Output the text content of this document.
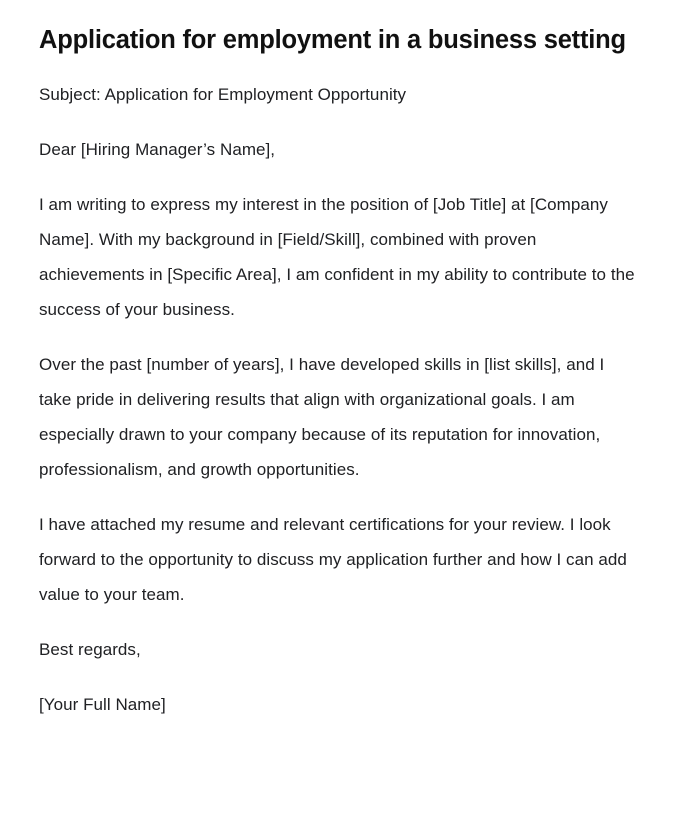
Application for employment in a business setting

Subject: Application for Employment Opportunity

Dear [Hiring Manager’s Name],

I am writing to express my interest in the position of [Job Title] at [Company Name]. With my background in [Field/Skill], combined with proven achievements in [Specific Area], I am confident in my ability to contribute to the success of your business.

Over the past [number of years], I have developed skills in [list skills], and I take pride in delivering results that align with organizational goals. I am especially drawn to your company because of its reputation for innovation, professionalism, and growth opportunities.

I have attached my resume and relevant certifications for your review. I look forward to the opportunity to discuss my application further and how I can add value to your team.

Best regards,

[Your Full Name]
